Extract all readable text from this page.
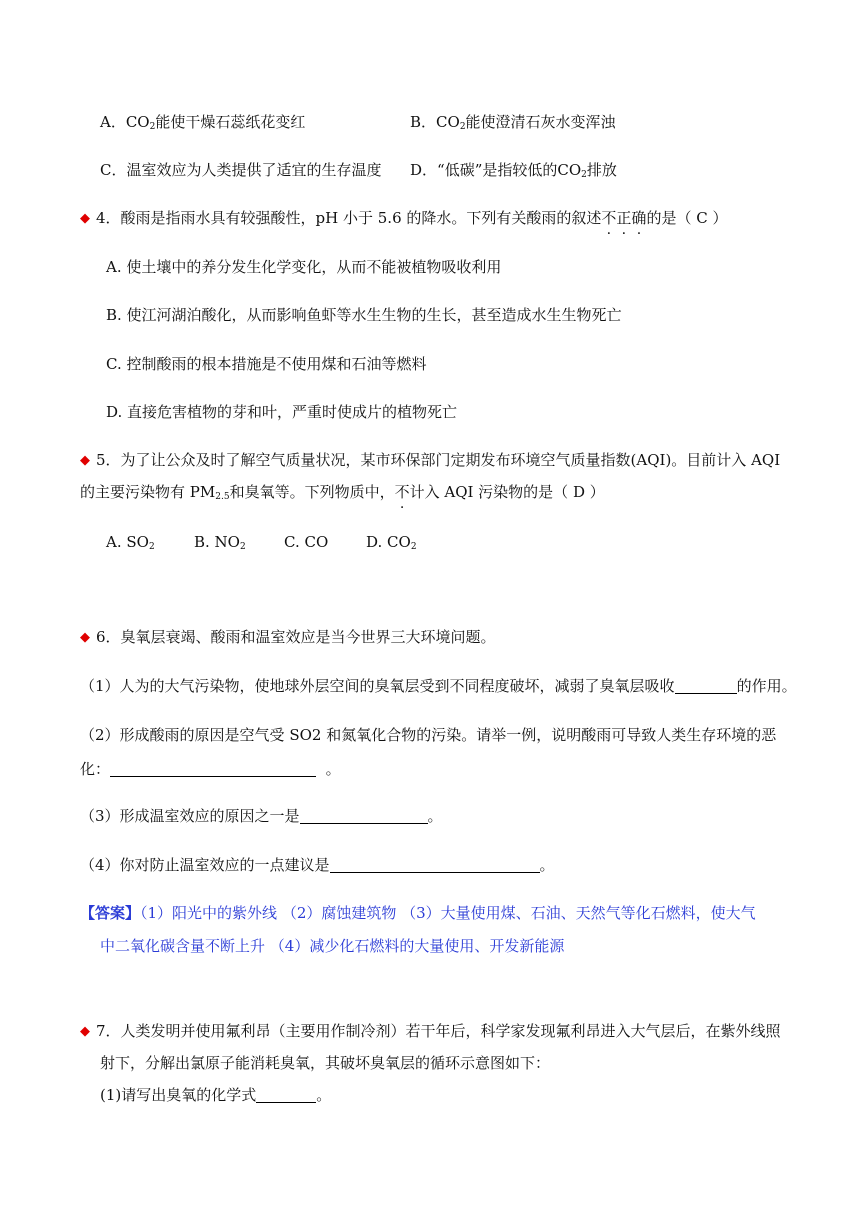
A．$CO_2$能使干燥石蕊纸花变红	B．$CO_2$能使澄清石灰水变浑浊
C．温室效应为人类提供了适宜的生存温度 D．“低碳”是指较低的$CO_2$排放
◆ 4．酸雨是指雨水具有较强酸性，pH 小于 5.6 的降水。下列有关酸雨的叙述不正确的是（ C ）
A. 使土壤中的养分发生化学变化，从而不能被植物吸收利用
B. 使江河湖泊酸化，从而影响鱼虾等水生生物的生长，甚至造成水生生物死亡
C. 控制酸雨的根本措施是不使用煤和石油等燃料
D. 直接危害植物的芽和叶，严重时使成片的植物死亡
◆ 5．为了让公众及时了解空气质量状况，某市环保部门定期发布环境空气质量指数(AQI)。目前计入 AQI
的主要污染物有 $PM_{2.5}$和臭氧等。下列物质中，不计入 AQI 污染物的是（ D ）
A. $SO_2$	B. $NO_2$	C. CO	D. $CO_2$
◆ 6．臭氧层衰竭、酸雨和温室效应是当今世界三大环境问题。
（1）人为的大气污染物，使地球外层空间的臭氧层受到不同程度破坏，减弱了臭氧层吸收	的作用。
（2）形成酸雨的原因是空气受 SO2 和氮氧化合物的污染。请举一例，说明酸雨可导致人类生存环境的恶
化：	。
（3）形成温室效应的原因之一是	。
（4）你对防止温室效应的一点建议是	。
【答案】（1）阳光中的紫外线 （2）腐蚀建筑物 （3）大量使用煤、石油、天然气等化石燃料，使大气
中二氧化碳含量不断上升 （4）减少化石燃料的大量使用、开发新能源
◆ 7．人类发明并使用氟利昂（主要用作制冷剂）若干年后，科学家发现氟利昂进入大气层后，在紫外线照
射下，分解出氯原子能消耗臭氧，其破坏臭氧层的循环示意图如下：
(1)请写出臭氧的化学式	。
